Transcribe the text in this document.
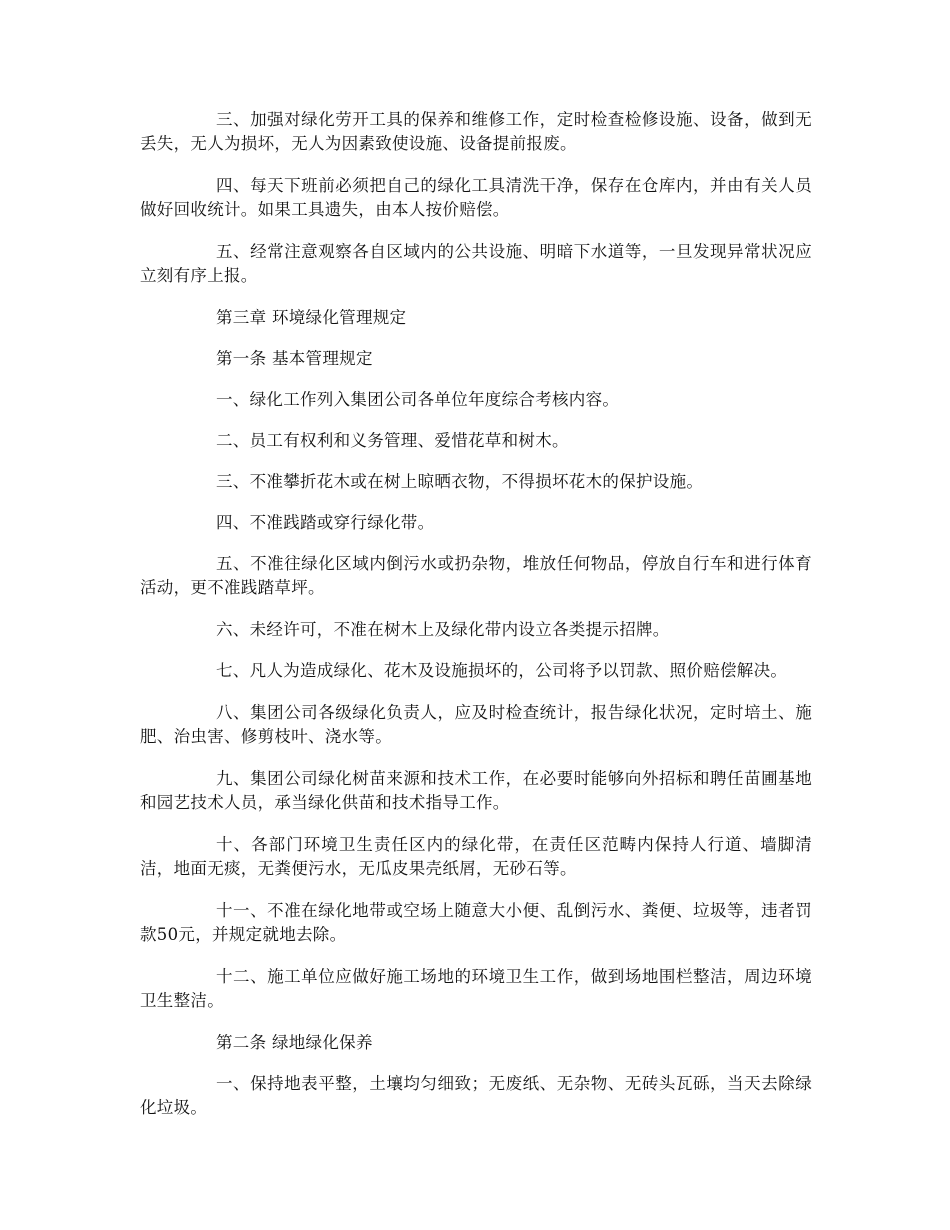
三、加强对绿化劳开工具的保养和维修工作，定时检查检修设施、设备，做到无丢失，无人为损坏，无人为因素致使设施、设备提前报废。

四、每天下班前必须把自己的绿化工具清洗干净，保存在仓库内，并由有关人员做好回收统计。如果工具遗失，由本人按价赔偿。

五、经常注意观察各自区域内的公共设施、明暗下水道等，一旦发现异常状况应立刻有序上报。

第三章 环境绿化管理规定

第一条 基本管理规定

一、绿化工作列入集团公司各单位年度综合考核内容。

二、员工有权利和义务管理、爱惜花草和树木。

三、不准攀折花木或在树上晾晒衣物，不得损坏花木的保护设施。

四、不准践踏或穿行绿化带。

五、不准往绿化区域内倒污水或扔杂物，堆放任何物品，停放自行车和进行体育活动，更不准践踏草坪。

六、未经许可，不准在树木上及绿化带内设立各类提示招牌。

七、凡人为造成绿化、花木及设施损坏的，公司将予以罚款、照价赔偿解决。

八、集团公司各级绿化负责人，应及时检查统计，报告绿化状况，定时培土、施肥、治虫害、修剪枝叶、浇水等。

九、集团公司绿化树苗来源和技术工作，在必要时能够向外招标和聘任苗圃基地和园艺技术人员，承当绿化供苗和技术指导工作。

十、各部门环境卫生责任区内的绿化带，在责任区范畴内保持人行道、墙脚清洁，地面无痰，无粪便污水，无瓜皮果壳纸屑，无砂石等。

十一、不准在绿化地带或空场上随意大小便、乱倒污水、粪便、垃圾等，违者罚款50元，并规定就地去除。

十二、施工单位应做好施工场地的环境卫生工作，做到场地围栏整洁，周边环境卫生整洁。

第二条 绿地绿化保养

一、保持地表平整，土壤均匀细致；无废纸、无杂物、无砖头瓦砾，当天去除绿化垃圾。
